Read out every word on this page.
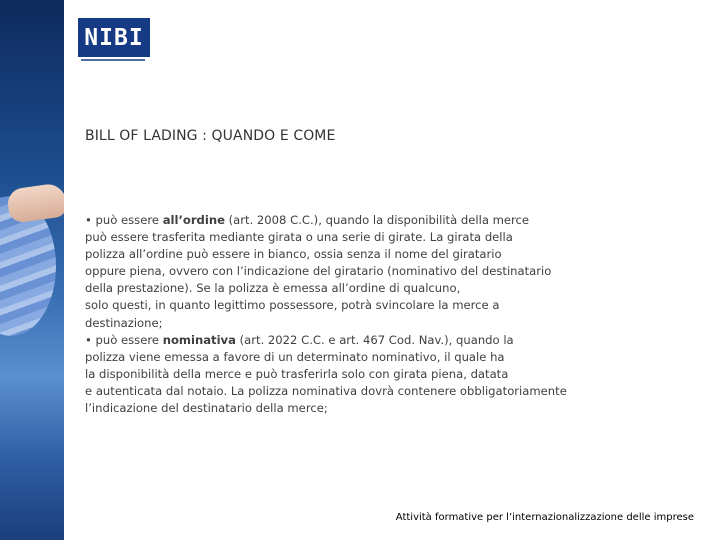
NIBI
BILL OF LADING : QUANDO E COME
• può essere all’ordine (art. 2008 C.C.), quando la disponibilità della merce
può essere trasferita mediante girata o una serie di girate. La girata della
polizza all’ordine può essere in bianco, ossia senza il nome del giratario
oppure piena, ovvero con l’indicazione del giratario (nominativo del destinatario
della prestazione). Se la polizza è emessa all’ordine di qualcuno,
solo questi, in quanto legittimo possessore, potrà svincolare la merce a
destinazione;
• può essere nominativa (art. 2022 C.C. e art. 467 Cod. Nav.), quando la
polizza viene emessa a favore di un determinato nominativo, il quale ha
la disponibilità della merce e può trasferirla solo con girata piena, datata
e autenticata dal notaio. La polizza nominativa dovrà contenere obbligatoriamente
l’indicazione del destinatario della merce;
Attività formative per l’internazionalizzazione delle imprese
